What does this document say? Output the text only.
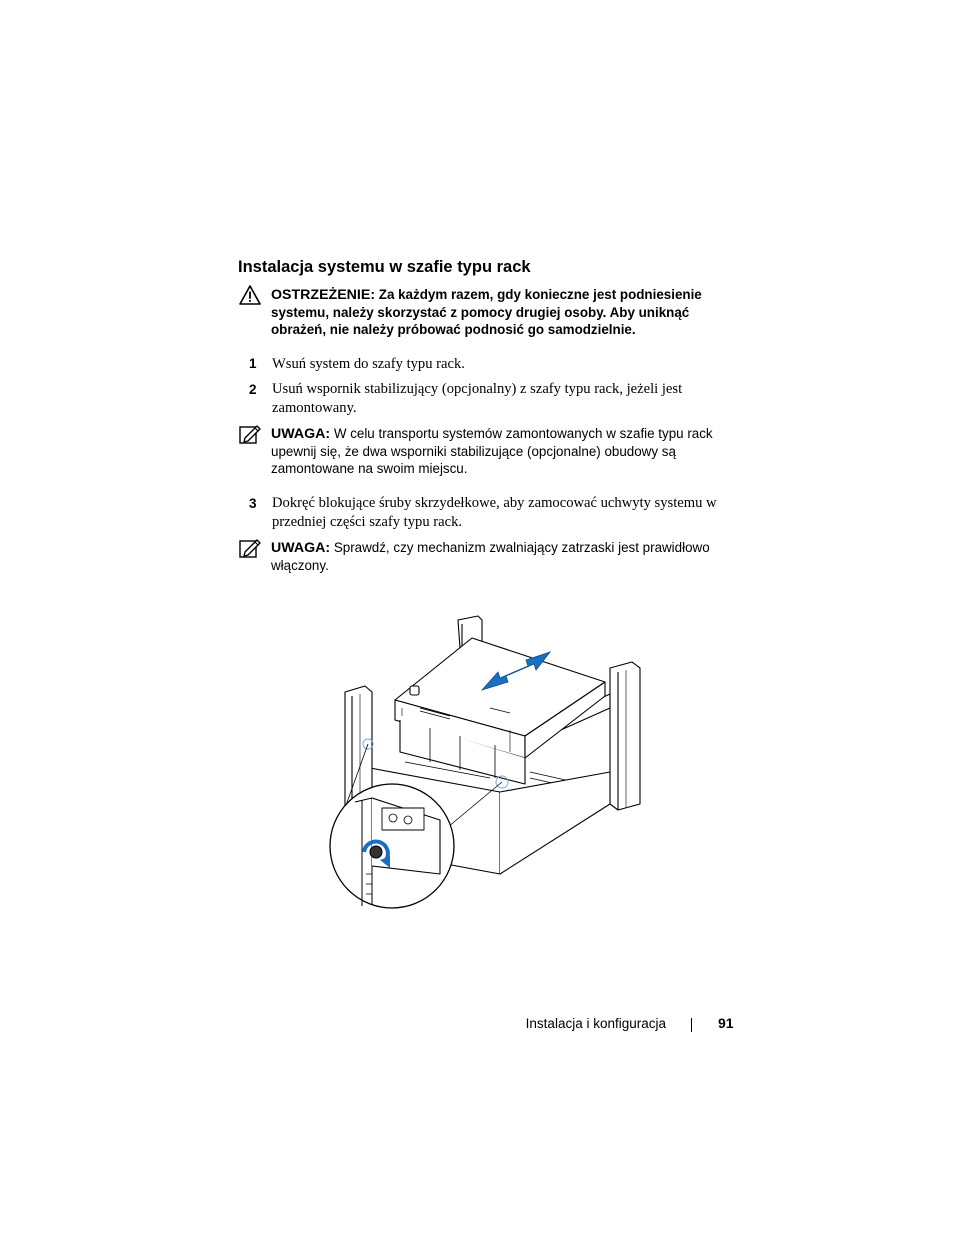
Instalacja systemu w szafie typu rack
OSTRZEŻENIE: Za każdym razem, gdy konieczne jest podniesienie systemu, należy skorzystać z pomocy drugiej osoby. Aby uniknąć obrażeń, nie należy próbować podnosić go samodzielnie.
1 Wsuń system do szafy typu rack.
2 Usuń wspornik stabilizujący (opcjonalny) z szafy typu rack, jeżeli jest zamontowany.
UWAGA: W celu transportu systemów zamontowanych w szafie typu rack upewnij się, że dwa wsporniki stabilizujące (opcjonalne) obudowy są zamontowane na swoim miejscu.
3 Dokręć blokujące śruby skrzydełkowe, aby zamocować uchwyty systemu w przedniej części szafy typu rack.
UWAGA: Sprawdź, czy mechanizm zwalniający zatrzaski jest prawidłowo włączony.
Instalacja i konfiguracja	91
